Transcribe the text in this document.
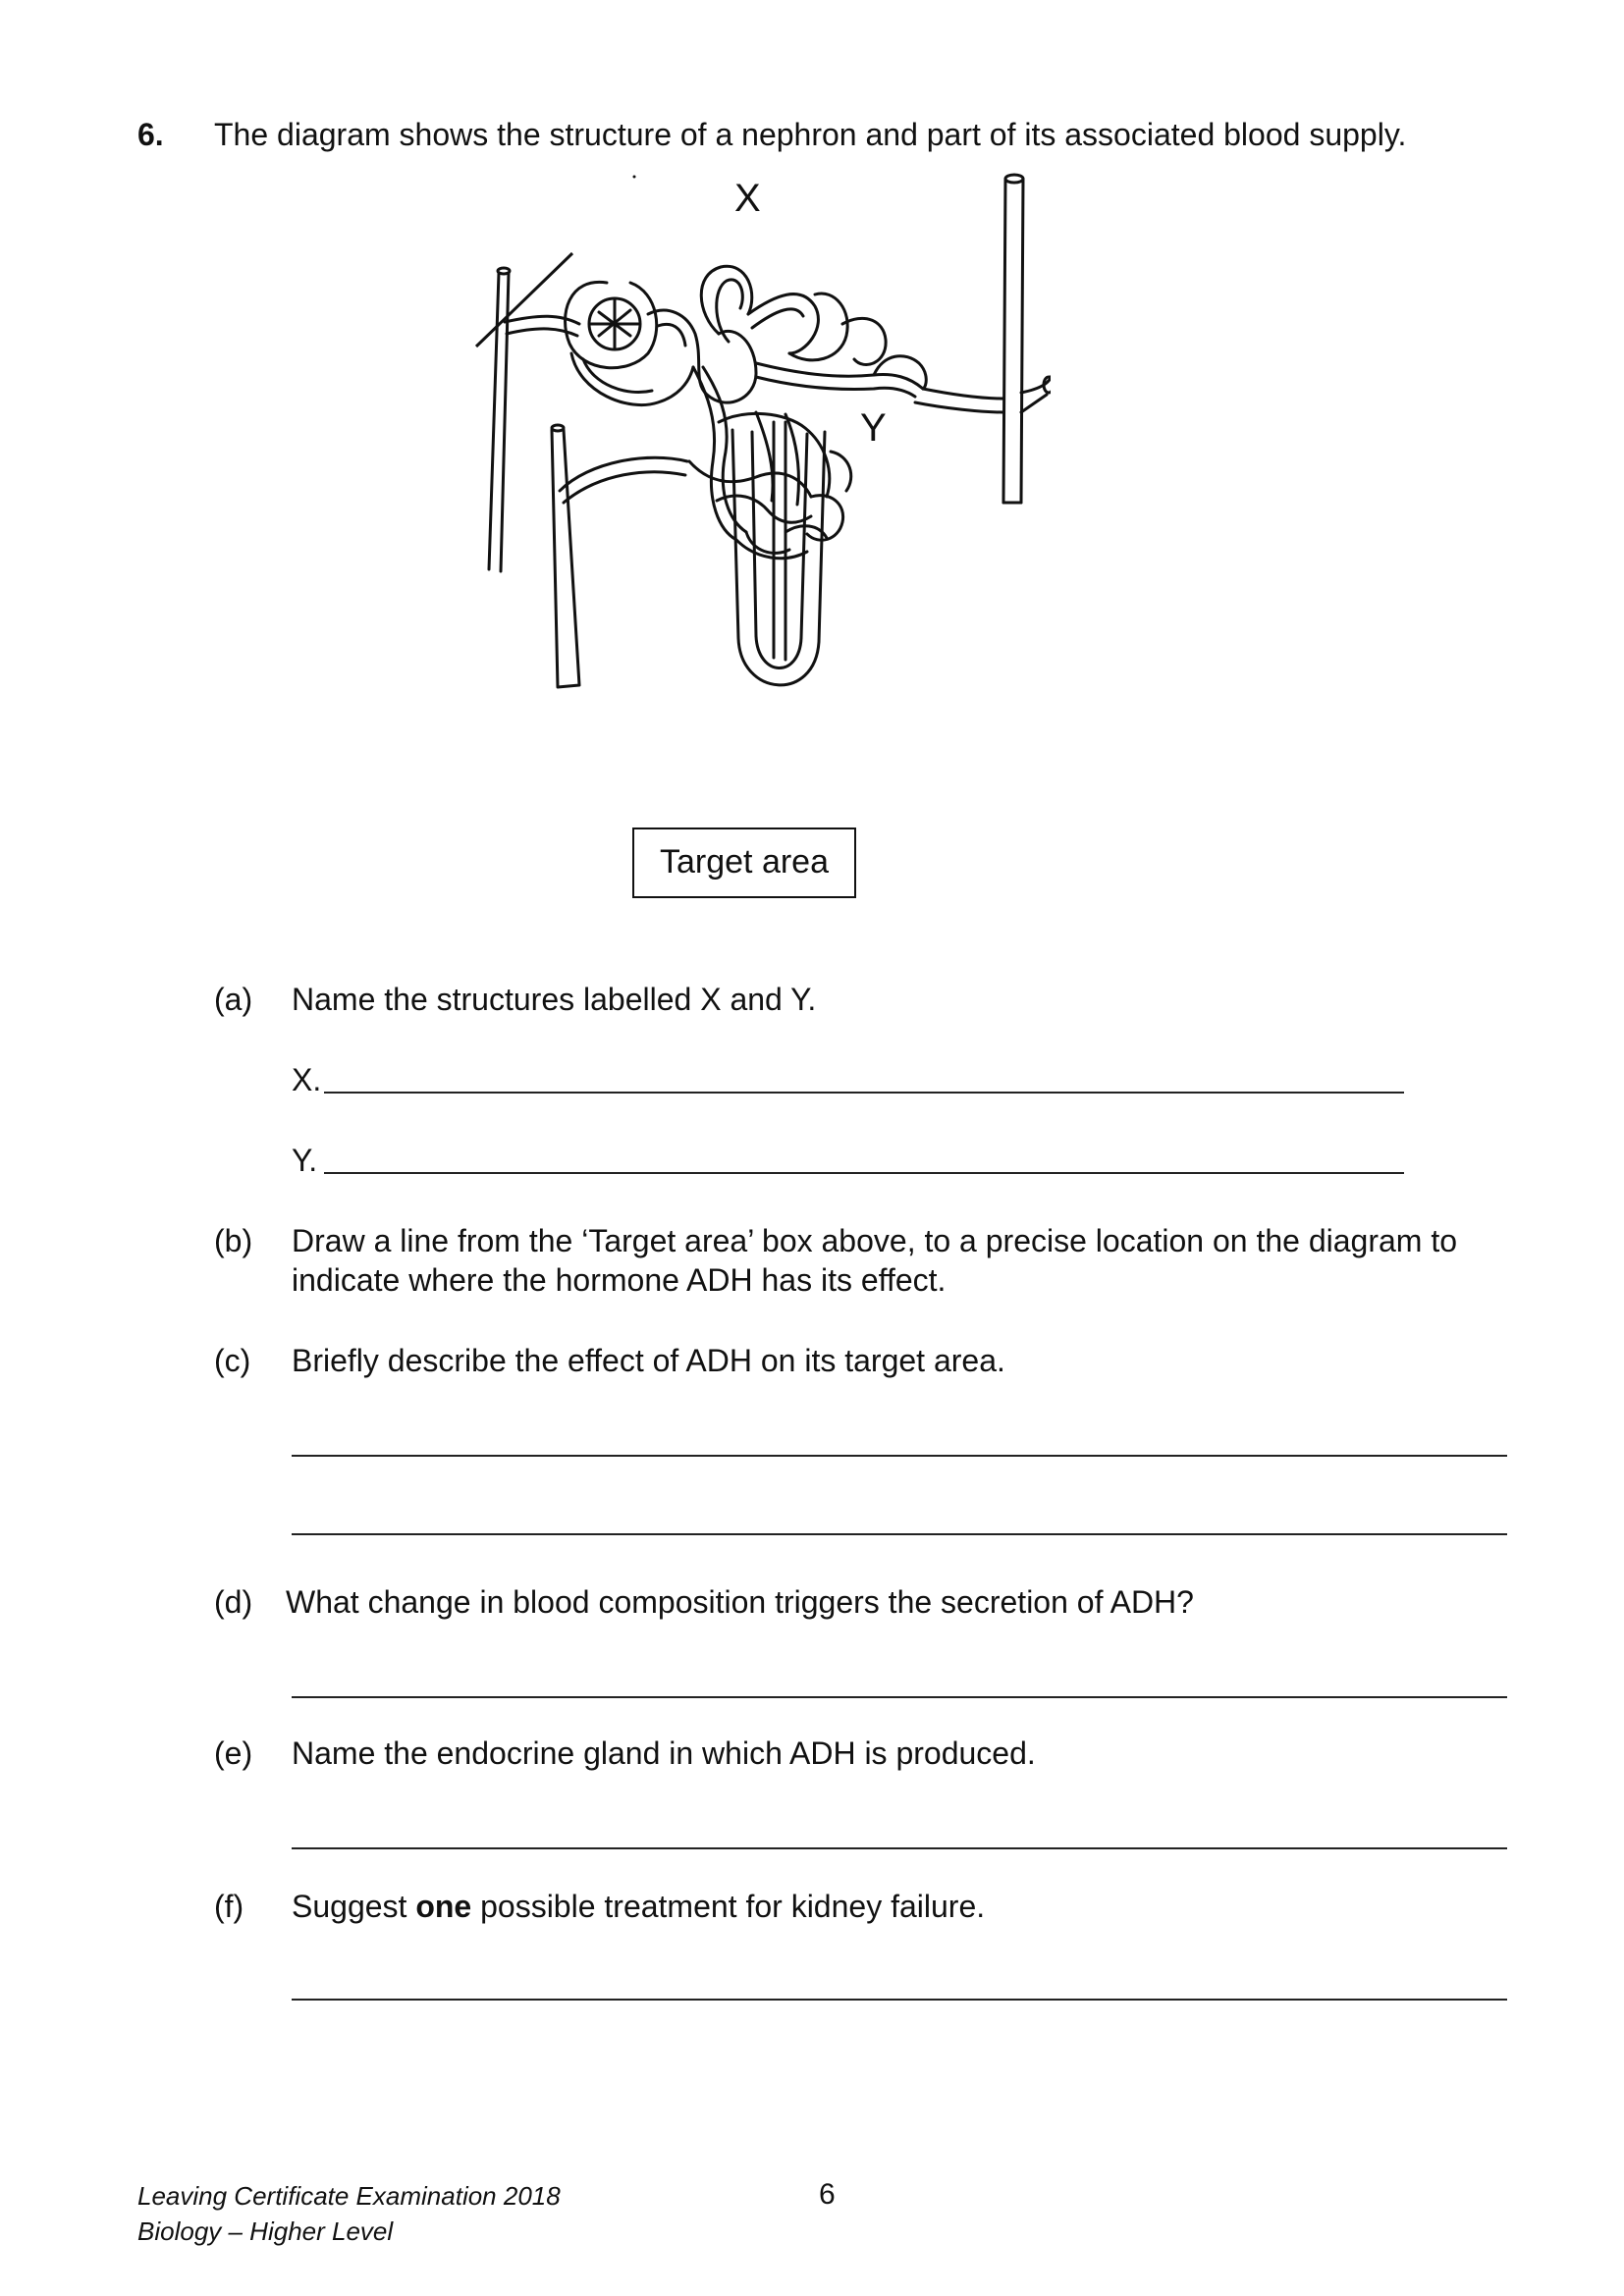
6. The diagram shows the structure of a nephron and part of its associated blood supply.
X
Y
Target area
(a) Name the structures labelled X and Y.
X.
Y.
(b) Draw a line from the ‘Target area’ box above, to a precise location on the diagram to
indicate where the hormone ADH has its effect.
(c) Briefly describe the effect of ADH on its target area.
(d) What change in blood composition triggers the secretion of ADH?
(e) Name the endocrine gland in which ADH is produced.
(f) Suggest one possible treatment for kidney failure.
Leaving Certificate Examination 2018
Biology – Higher Level
6
